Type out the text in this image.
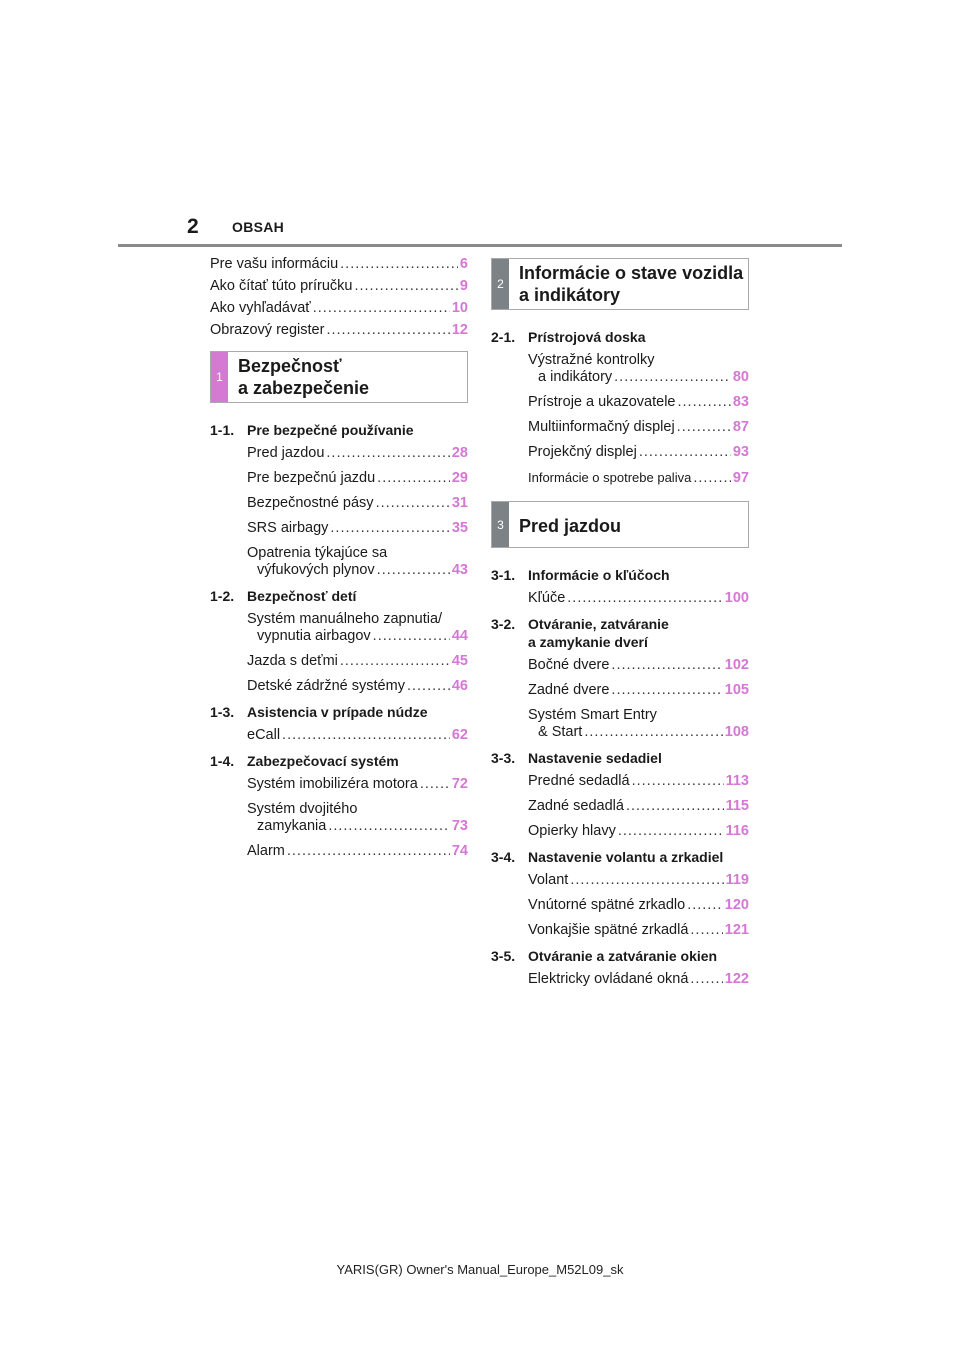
2 OBSAH
Pre vašu informáciu .....	6
Ako čítať túto príručku .....	9
Ako vyhľadávať .....	10
Obrazový register .....	12
1
Bezpečnosť
a zabezpečenie
1-1. Pre bezpečné používanie
Pred jazdou .....	28
Pre bezpečnú jazdu .....	29
Bezpečnostné pásy .....	31
SRS airbagy .....	35
Opatrenia týkajúce sa
výfukových plynov .....	43
1-2. Bezpečnosť detí
Systém manuálneho zapnutia/
vypnutia airbagov .....	44
Jazda s deťmi .....	45
Detské zádržné systémy .....	46
1-3. Asistencia v prípade núdze
eCall .....	62
1-4. Zabezpečovací systém
Systém imobilizéra motora ..... 72
Systém dvojitého
zamykania .....	73
Alarm .....	74
2
Informácie o stave vozidla
a indikátory
2-1. Prístrojová doska
Výstražné kontrolky
a indikátory .....	80
Prístroje a ukazovatele .....	83
Multiinformačný displej .....	87
Projekčný displej .....	93
Informácie o spotrebe paliva .....	97
3 Pred jazdou
3-1. Informácie o kľúčoch
Kľúče .....	100
3-2. Otváranie, zatváranie
a zamykanie dverí
Bočné dvere .....	102
Zadné dvere .....	105
Systém Smart Entry
& Start .....	108
3-3. Nastavenie sedadiel
Predné sedadlá .....	113
Zadné sedadlá .....	115
Opierky hlavy .....	116
3-4. Nastavenie volantu a zrkadiel
Volant .....	119
Vnútorné spätné zrkadlo .....	120
Vonkajšie spätné zrkadlá .....	121
3-5. Otváranie a zatváranie okien
Elektricky ovládané okná .....	122
YARIS(GR) Owner's Manual_Europe_M52L09_sk
